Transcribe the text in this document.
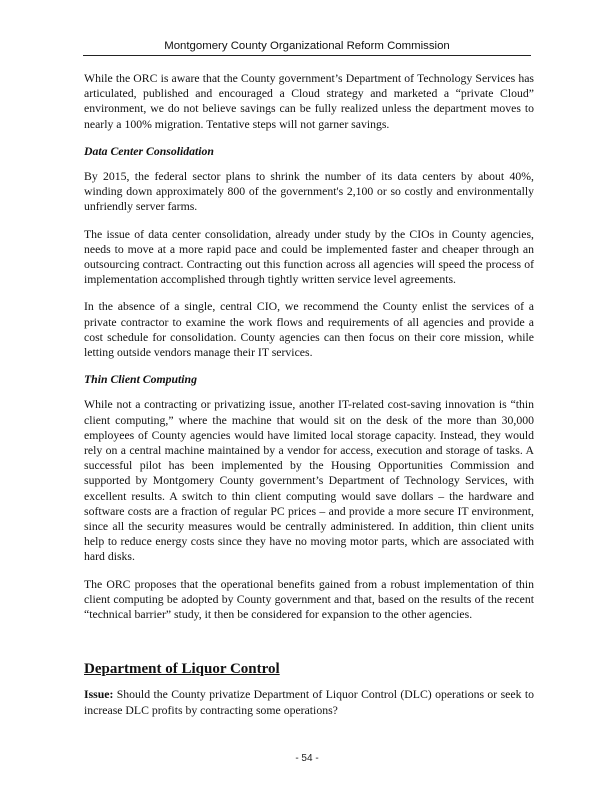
Montgomery County Organizational Reform Commission

While the ORC is aware that the County government’s Department of Technology Services has articulated, published and encouraged a Cloud strategy and marketed a “private Cloud” environment, we do not believe savings can be fully realized unless the department moves to nearly a 100% migration. Tentative steps will not garner savings.

Data Center Consolidation

By 2015, the federal sector plans to shrink the number of its data centers by about 40%, winding down approximately 800 of the government's 2,100 or so costly and environmentally unfriendly server farms.

The issue of data center consolidation, already under study by the CIOs in County agencies, needs to move at a more rapid pace and could be implemented faster and cheaper through an outsourcing contract. Contracting out this function across all agencies will speed the process of implementation accomplished through tightly written service level agreements.

In the absence of a single, central CIO, we recommend the County enlist the services of a private contractor to examine the work flows and requirements of all agencies and provide a cost schedule for consolidation. County agencies can then focus on their core mission, while letting outside vendors manage their IT services.

Thin Client Computing

While not a contracting or privatizing issue, another IT-related cost-saving innovation is “thin client computing,” where the machine that would sit on the desk of the more than 30,000 employees of County agencies would have limited local storage capacity. Instead, they would rely on a central machine maintained by a vendor for access, execution and storage of tasks. A successful pilot has been implemented by the Housing Opportunities Commission and supported by Montgomery County government’s Department of Technology Services, with excellent results. A switch to thin client computing would save dollars – the hardware and software costs are a fraction of regular PC prices – and provide a more secure IT environment, since all the security measures would be centrally administered. In addition, thin client units help to reduce energy costs since they have no moving motor parts, which are associated with hard disks.

The ORC proposes that the operational benefits gained from a robust implementation of thin client computing be adopted by County government and that, based on the results of the recent “technical barrier” study, it then be considered for expansion to the other agencies.

Department of Liquor Control

Issue: Should the County privatize Department of Liquor Control (DLC) operations or seek to increase DLC profits by contracting some operations?

- 54 -
